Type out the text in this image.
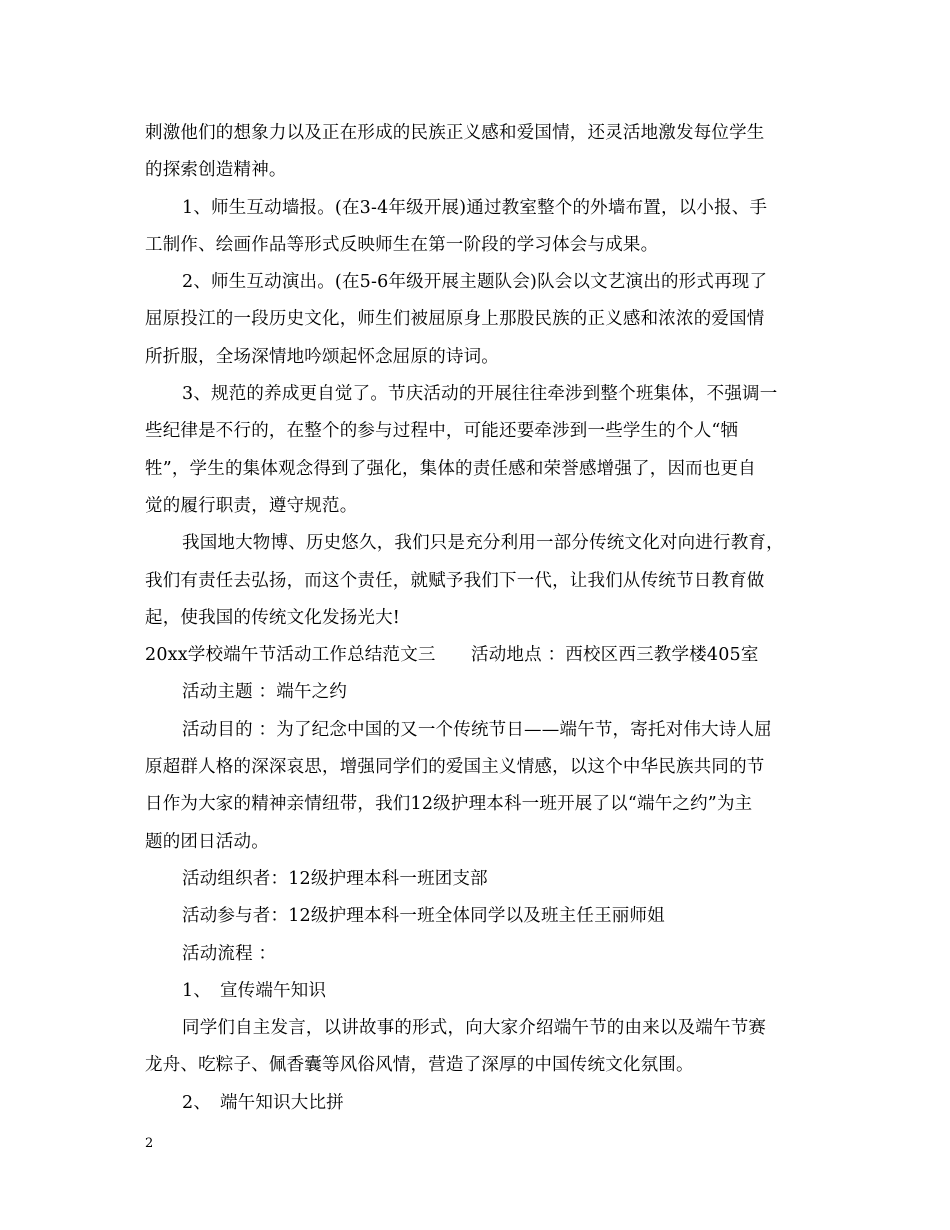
刺激他们的想象力以及正在形成的民族正义感和爱国情，还灵活地激发每位学生
的探索创造精神。
1、师生互动墙报。(在3-4年级开展)通过教室整个的外墙布置，以小报、手
工制作、绘画作品等形式反映师生在第一阶段的学习体会与成果。
2、师生互动演出。(在5-6年级开展主题队会)队会以文艺演出的形式再现了
屈原投江的一段历史文化，师生们被屈原身上那股民族的正义感和浓浓的爱国情
所折服，全场深情地吟颂起怀念屈原的诗词。
3、规范的养成更自觉了。节庆活动的开展往往牵涉到整个班集体，不强调一
些纪律是不行的，在整个的参与过程中，可能还要牵涉到一些学生的个人“牺
牲”，学生的集体观念得到了强化，集体的责任感和荣誉感增强了，因而也更自
觉的履行职责，遵守规范。
我国地大物博、历史悠久，我们只是充分利用一部分传统文化对向进行教育，
我们有责任去弘扬，而这个责任，就赋予我们下一代，让我们从传统节日教育做
起，使我国的传统文化发扬光大!
20xx学校端午节活动工作总结范文三　　活动地点 ：西校区西三教学楼405室
活动主题 ：端午之约
活动目的 ：为了纪念中国的又一个传统节日——端午节，寄托对伟大诗人屈
原超群人格的深深哀思，增强同学们的爱国主义情感，以这个中华民族共同的节
日作为大家的精神亲情纽带，我们12级护理本科一班开展了以“端午之约”为主
题的团日活动。
活动组织者：12级护理本科一班团支部
活动参与者：12级护理本科一班全体同学以及班主任王丽师姐
活动流程 ：
1、　宣传端午知识
同学们自主发言，以讲故事的形式，向大家介绍端午节的由来以及端午节赛
龙舟、吃粽子、佩香囊等风俗风情，营造了深厚的中国传统文化氛围。
2、　端午知识大比拼
2
